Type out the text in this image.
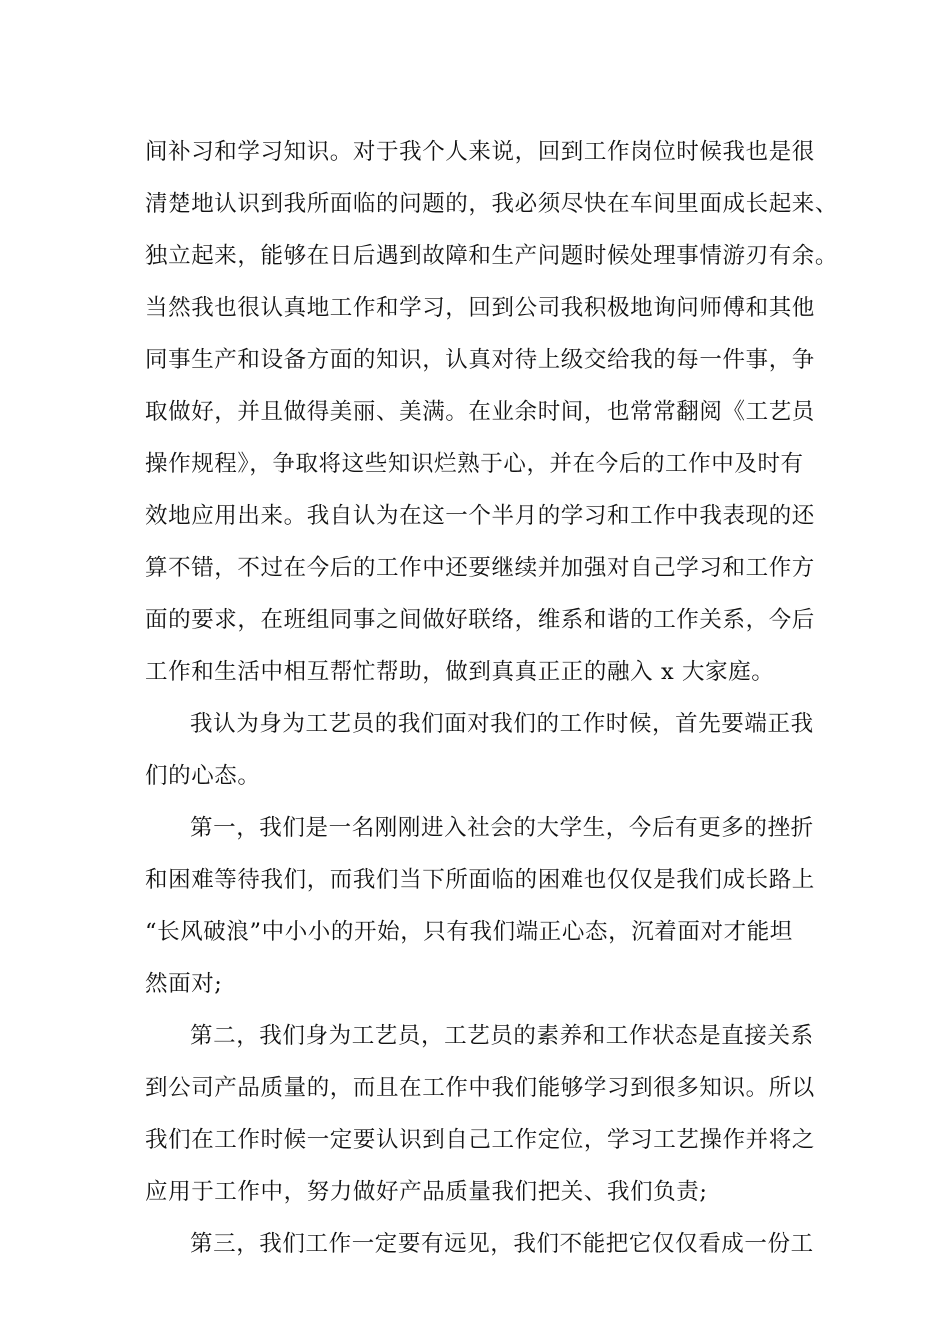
间补习和学习知识。对于我个人来说，回到工作岗位时候我也是很
清楚地认识到我所面临的问题的，我必须尽快在车间里面成长起来、
独立起来，能够在日后遇到故障和生产问题时候处理事情游刃有余。
当然我也很认真地工作和学习，回到公司我积极地询问师傅和其他
同事生产和设备方面的知识，认真对待上级交给我的每一件事，争
取做好，并且做得美丽、美满。在业余时间，也常常翻阅《工艺员
操作规程》，争取将这些知识烂熟于心，并在今后的工作中及时有
效地应用出来。我自认为在这一个半月的学习和工作中我表现的还
算不错，不过在今后的工作中还要继续并加强对自己学习和工作方
面的要求，在班组同事之间做好联络，维系和谐的工作关系，今后
工作和生活中相互帮忙帮助，做到真真正正的融入 x 大家庭。
我认为身为工艺员的我们面对我们的工作时候，首先要端正我
们的心态。
第一，我们是一名刚刚进入社会的大学生，今后有更多的挫折
和困难等待我们，而我们当下所面临的困难也仅仅是我们成长路上
“长风破浪”中小小的开始，只有我们端正心态，沉着面对才能坦
然面对;
第二，我们身为工艺员，工艺员的素养和工作状态是直接关系
到公司产品质量的，而且在工作中我们能够学习到很多知识。所以
我们在工作时候一定要认识到自己工作定位，学习工艺操作并将之
应用于工作中，努力做好产品质量我们把关、我们负责;
第三，我们工作一定要有远见，我们不能把它仅仅看成一份工
